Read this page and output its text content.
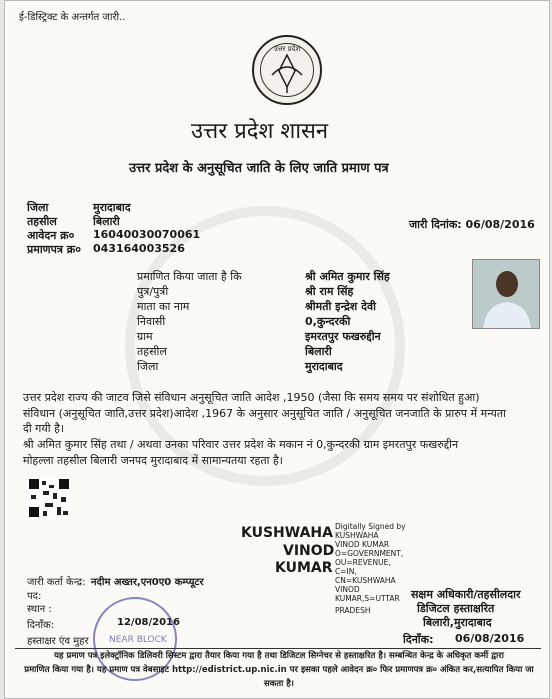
ई-डिस्ट्रिक्ट के अन्तर्गत जारी..
उत्तर प्रदेश
उत्तर प्रदेश शासन
उत्तर प्रदेश के अनुसूचित जाति के लिए जाति प्रमाण पत्र
जिला	मुरादाबाद
तहसील	बिलारी
आवेदन क्र० 16040030070061
प्रमाणपत्र क्र० 043164003526
जारी दिनांक: 06/08/2016
प्रमाणित किया जाता है कि	श्री अमित कुमार सिंह
पुत्र/पुत्री	श्री राम सिंह
माता का नाम	श्रीमती इन्द्रेश देवी
निवासी	0,कुन्दरकी
ग्राम	इमरतपुर फखरुद्दीन
तहसील	बिलारी
जिला	मुरादाबाद
उत्तर प्रदेश राज्य की जाटव जिसे संविधान अनुसूचित जाति आदेश ,1950 (जैसा कि समय समय पर संशोधित हुआ)
संविधान (अनुसूचित जाति,उत्तर प्रदेश)आदेश ,1967 के अनुसार अनुसूचित जाति / अनुसूचित जनजाति के प्रारुप में मन्यता
दी गयी है।
श्री अमित कुमार सिंह तथा / अथवा उनका परिवार उत्तर प्रदेश के मकान नं 0,कुन्दरकी ग्राम इमरतपुर फखरुद्दीन
मोहल्ला तहसील बिलारी जनपद मुरादाबाद में सामान्यतया रहता है।
KUSHWAHA
VINOD
KUMAR
Digitally Signed by
KUSHWAHA
VINOD KUMAR
O=GOVERNMENT,
OU=REVENUE,
C=IN,
CN=KUSHWAHA
VINOD
KUMAR,S=UTTAR
PRADESH
जारी कर्ता केन्द्र: नदीम अख्तर,एन0ए0 कम्प्यूटर
पद:
स्थान :
दिनाँक:	12/08/2016
हस्ताक्षर एंव मुहर NEAR BLOCK
सक्षम अधिकारी/तहसीलदार
डिजिटल हस्ताक्षरित
बिलारी,मुरादाबाद
दिनाँक: 06/08/2016
यह प्रमाण पत्र इलेक्ट्रॉनिक डिलिवरी सिस्टम द्वारा तैयार किया गया है तथा डिजिटल सिग्नेचर से हस्ताक्षरित है। सम्बन्धित केन्द्र के अधिकृत कर्मी द्वारा
प्रमाणित किया गया है। यह प्रमाण पत्र वेबसाइट http://edistrict.up.nic.in पर इसका पहले आवेदन क्र० फिर प्रमाणपत्र क्र० अंकित कर,सत्यापित किया जा सकता है।
